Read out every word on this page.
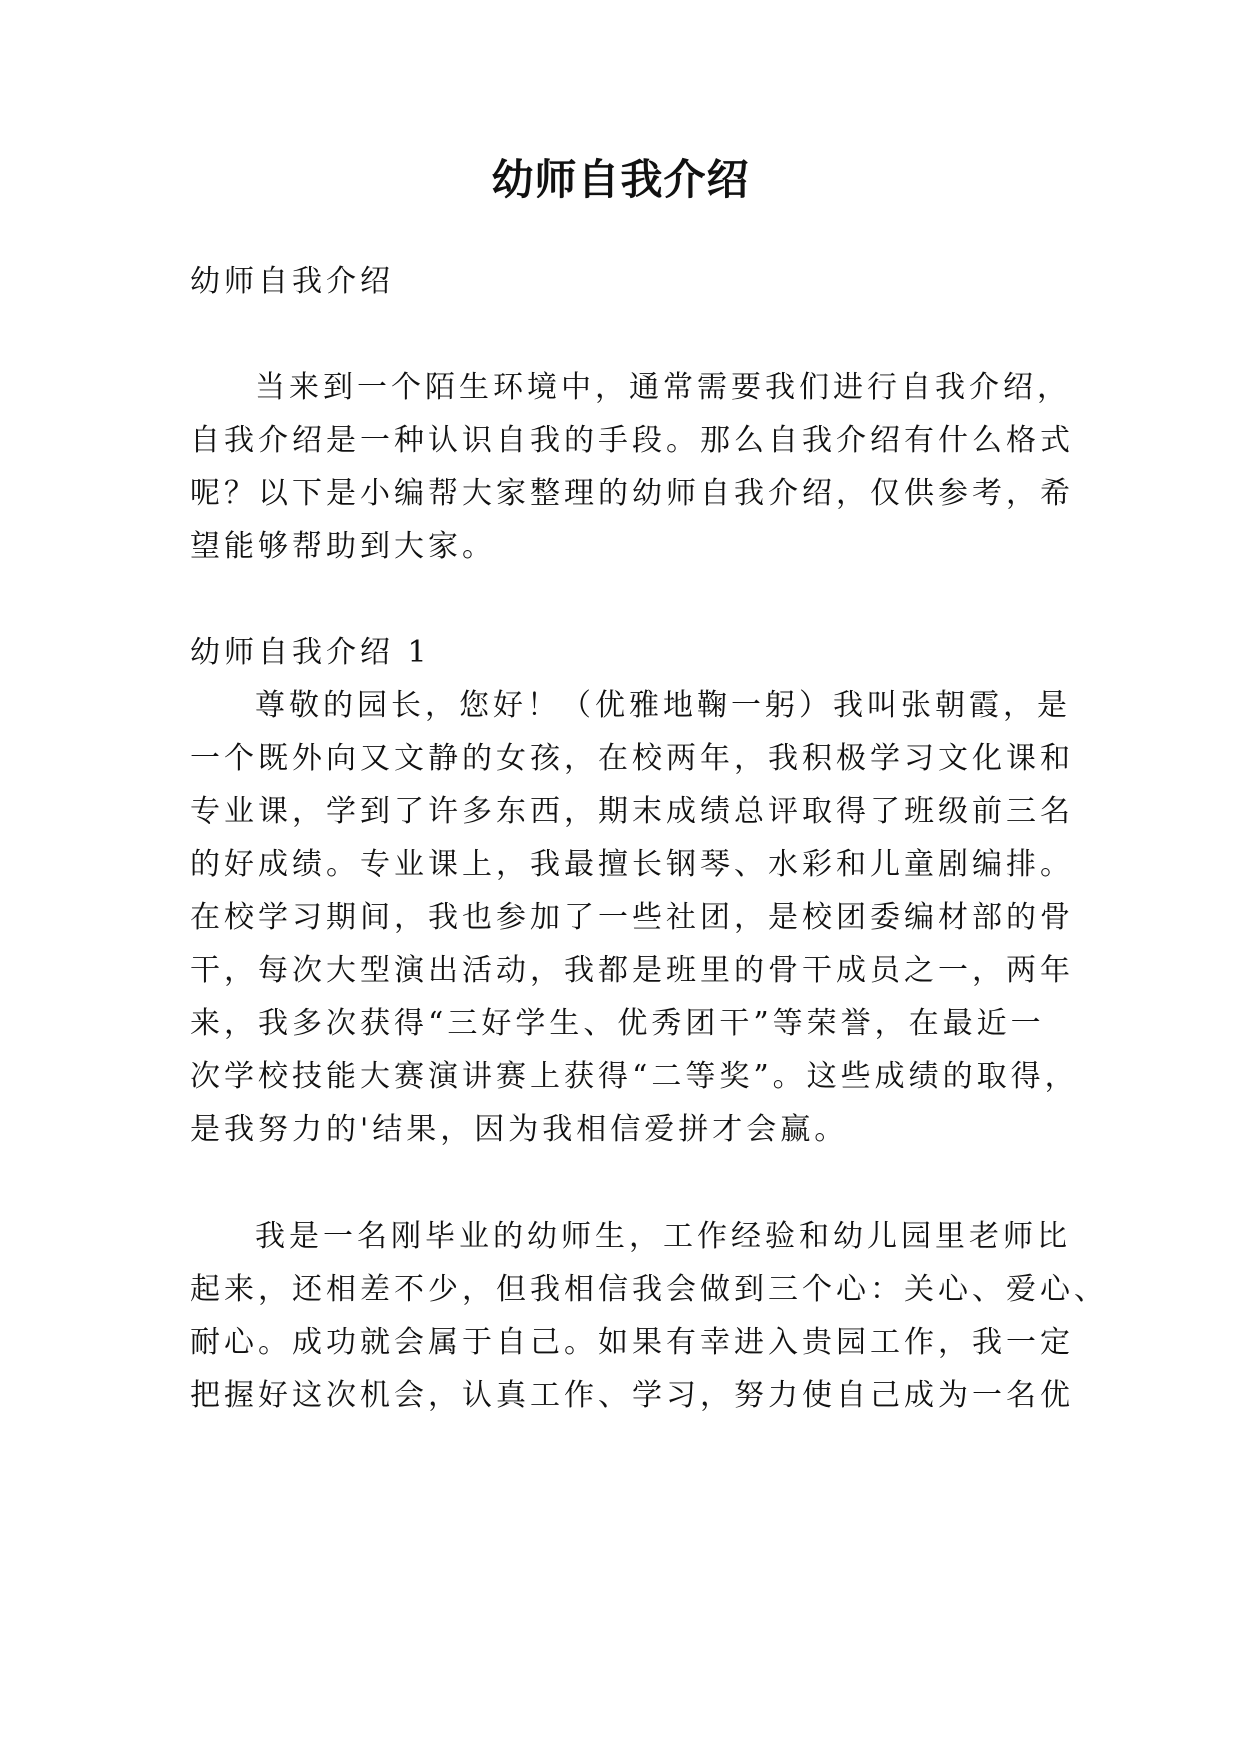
幼师自我介绍
幼师自我介绍
当来到一个陌生环境中，通常需要我们进行自我介绍，
自我介绍是一种认识自我的手段。那么自我介绍有什么格式
呢？以下是小编帮大家整理的幼师自我介绍，仅供参考，希
望能够帮助到大家。
幼师自我介绍 1
尊敬的园长，您好！（优雅地鞠一躬）我叫张朝霞，是
一个既外向又文静的女孩，在校两年，我积极学习文化课和
专业课，学到了许多东西，期末成绩总评取得了班级前三名
的好成绩。专业课上，我最擅长钢琴、水彩和儿童剧编排。
在校学习期间，我也参加了一些社团，是校团委编材部的骨
干，每次大型演出活动，我都是班里的骨干成员之一，两年
来，我多次获得“三好学生、优秀团干”等荣誉，在最近一
次学校技能大赛演讲赛上获得“二等奖”。这些成绩的取得，
是我努力的'结果，因为我相信爱拼才会赢。
我是一名刚毕业的幼师生，工作经验和幼儿园里老师比
起来，还相差不少，但我相信我会做到三个心：关心、爱心、
耐心。成功就会属于自己。如果有幸进入贵园工作，我一定
把握好这次机会，认真工作、学习，努力使自己成为一名优
